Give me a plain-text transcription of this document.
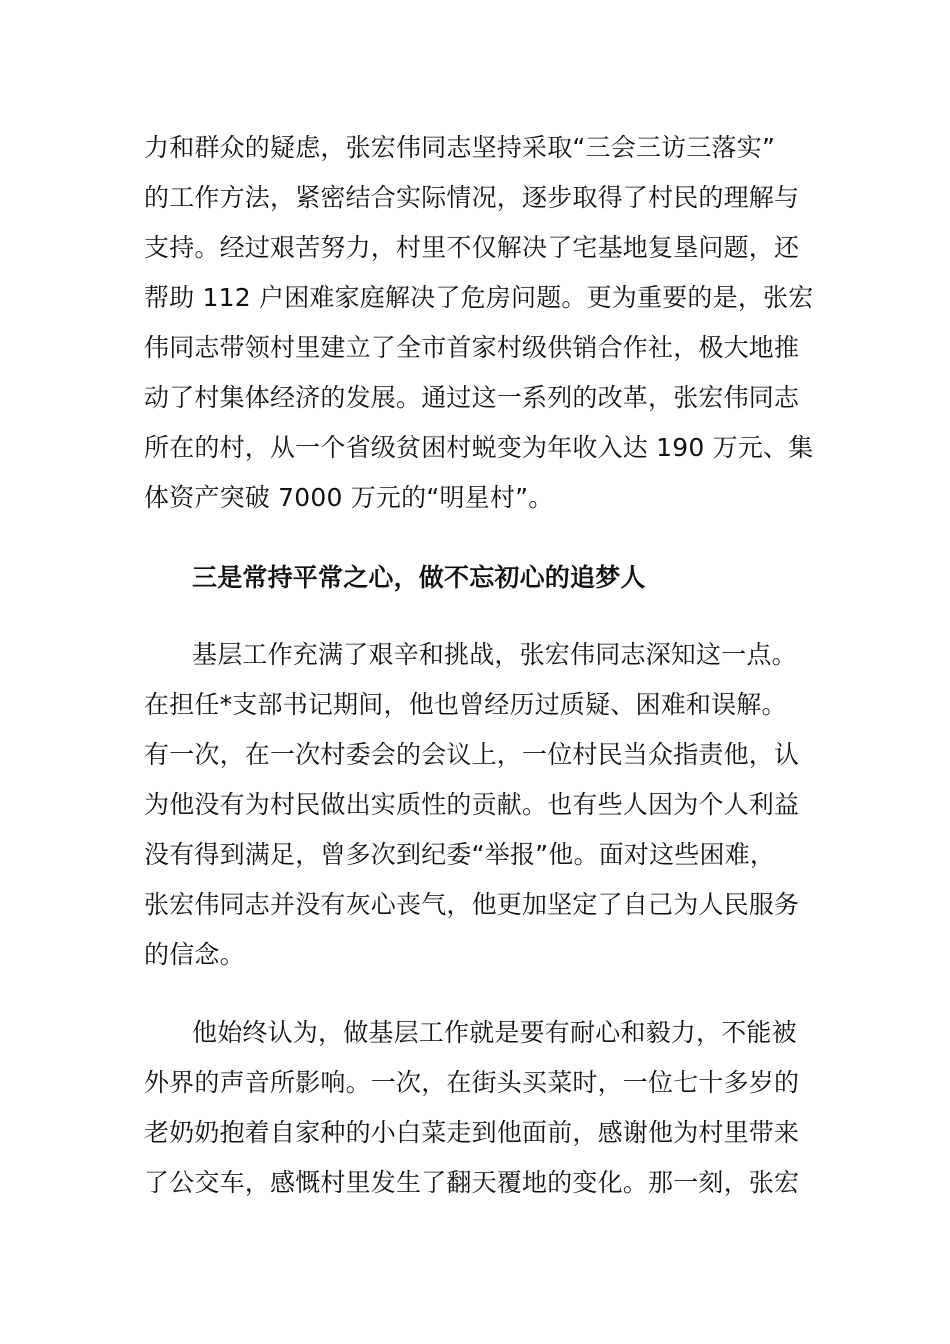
力和群众的疑虑，张宏伟同志坚持采取“三会三访三落实”
的工作方法，紧密结合实际情况，逐步取得了村民的理解与
支持。经过艰苦努力，村里不仅解决了宅基地复垦问题，还
帮助 112 户困难家庭解决了危房问题。更为重要的是，张宏
伟同志带领村里建立了全市首家村级供销合作社，极大地推
动了村集体经济的发展。通过这一系列的改革，张宏伟同志
所在的村，从一个省级贫困村蜕变为年收入达 190 万元、集
体资产突破 7000 万元的“明星村”。
三是常持平常之心，做不忘初心的追梦人
基层工作充满了艰辛和挑战，张宏伟同志深知这一点。
在担任*支部书记期间，他也曾经历过质疑、困难和误解。
有一次，在一次村委会的会议上，一位村民当众指责他，认
为他没有为村民做出实质性的贡献。也有些人因为个人利益
没有得到满足，曾多次到纪委“举报”他。面对这些困难，
张宏伟同志并没有灰心丧气，他更加坚定了自己为人民服务
的信念。
他始终认为，做基层工作就是要有耐心和毅力，不能被
外界的声音所影响。一次，在街头买菜时，一位七十多岁的
老奶奶抱着自家种的小白菜走到他面前，感谢他为村里带来
了公交车，感慨村里发生了翻天覆地的变化。那一刻，张宏
